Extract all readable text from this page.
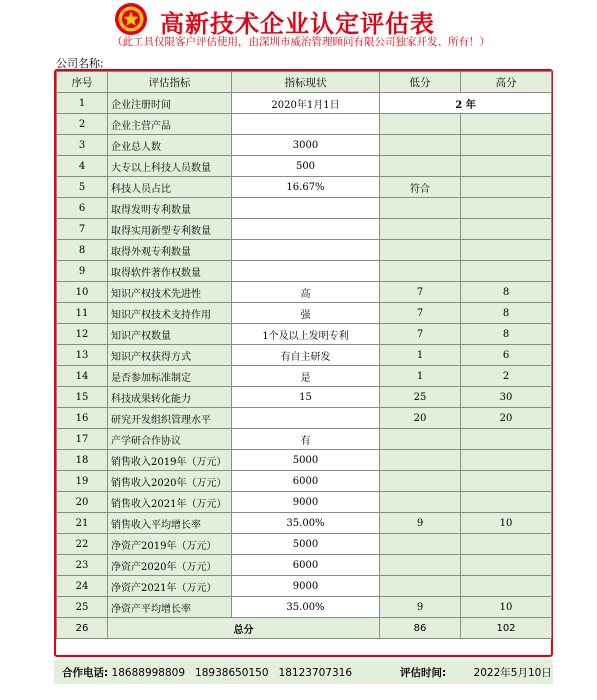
高新技术企业认定评估表
（此工具仅限客户评估使用，由深圳市威治管理顾问有限公司独家开发、所有！）
公司名称:
序号	评估指标	指标现状	低分	高分
1	企业注册时间	2020年1月1日	2 年	
2	企业主营产品			
3	企业总人数	3000		
4	大专以上科技人员数量	500		
5	科技人员占比	16.67%	符合	
6	取得发明专利数量			
7	取得实用新型专利数量			
8	取得外观专利数量			
9	取得软件著作权数量			
10	知识产权技术先进性	高	7	8
11	知识产权技术支持作用	强	7	8
12	知识产权数量	1个及以上发明专利	7	8
13	知识产权获得方式	有自主研发	1	6
14	是否参加标准制定	是	1	2
15	科技成果转化能力	15	25	30
16	研究开发组织管理水平		20	20
17	产学研合作协议	有		
18	销售收入2019年（万元）	5000		
19	销售收入2020年（万元）	6000		
20	销售收入2021年（万元）	9000		
21	销售收入平均增长率	35.00%	9	10
22	净资产2019年（万元）	5000		
23	净资产2020年（万元）	6000		
24	净资产2021年（万元）	9000		
25	净资产平均增长率	35.00%	9	10
26	总分		86	102
合作电话: 18688998809   18938650150   18123707316	评估时间:	2022年5月10日
